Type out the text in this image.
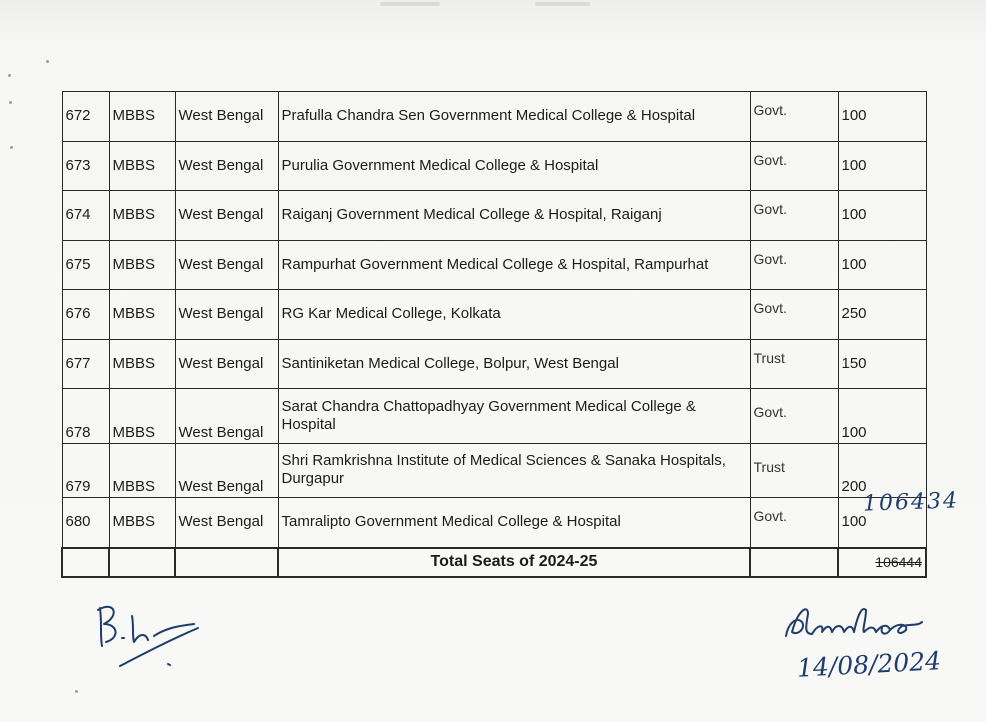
672	MBBS	West Bengal	Prafulla Chandra Sen Government Medical College & Hospital	Govt.	100
673	MBBS	West Bengal	Purulia Government Medical College & Hospital	Govt.	100
674	MBBS	West Bengal	Raiganj Government Medical College & Hospital, Raiganj	Govt.	100
675	MBBS	West Bengal	Rampurhat Government Medical College & Hospital, Rampurhat	Govt.	100
676	MBBS	West Bengal	RG Kar Medical College, Kolkata	Govt.	250
677	MBBS	West Bengal	Santiniketan Medical College, Bolpur, West Bengal	Trust	150
678	MBBS	West Bengal	Sarat Chandra Chattopadhyay Government Medical College & Hospital	Govt.	100
679	MBBS	West Bengal	Shri Ramkrishna Institute of Medical Sciences & Sanaka Hospitals, Durgapur	Trust	200
680	MBBS	West Bengal	Tamralipto Government Medical College & Hospital	Govt.	100
			Total Seats of 2024-25		106444
106434
14/08/2024
